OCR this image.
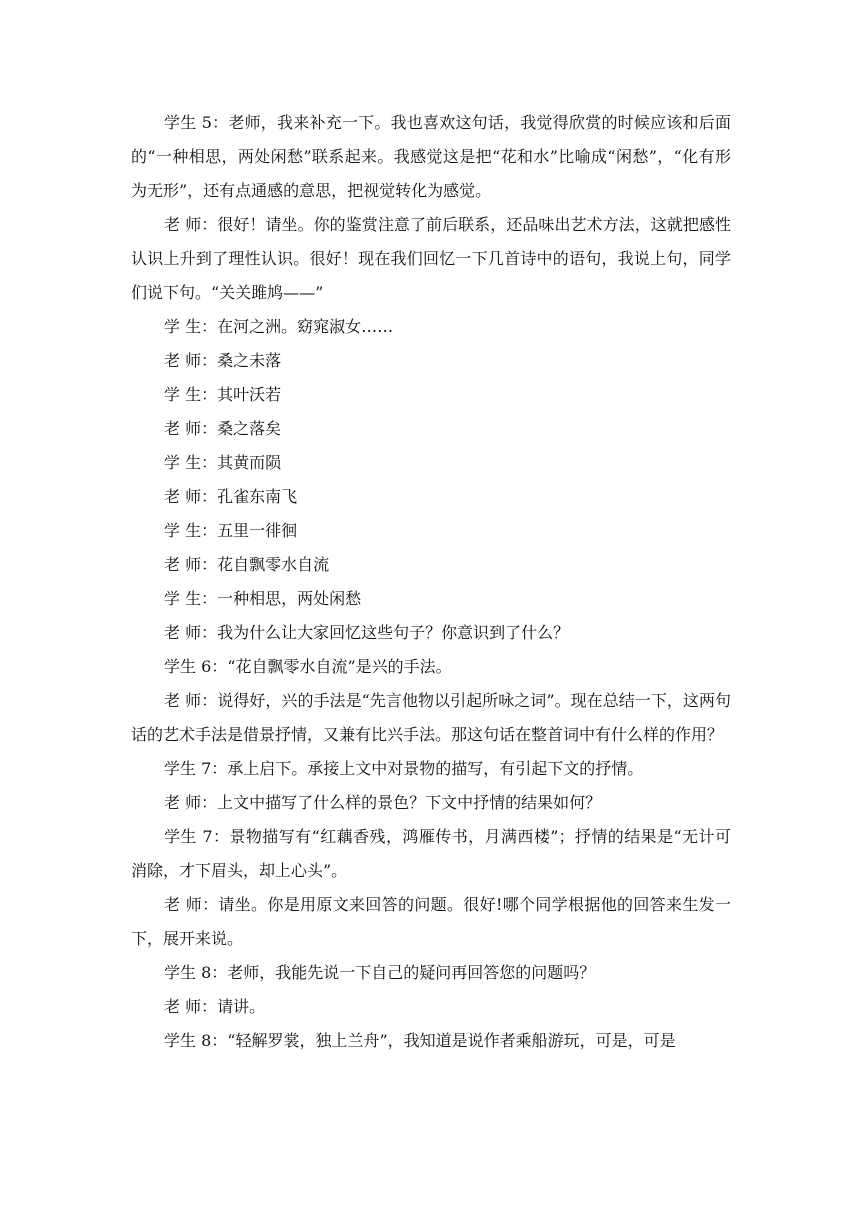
学生 5：老师，我来补充一下。我也喜欢这句话，我觉得欣赏的时候应该和后面的“一种相思，两处闲愁”联系起来。我感觉这是把“花和水”比喻成“闲愁”，“化有形为无形”，还有点通感的意思，把视觉转化为感觉。

老 师：很好！请坐。你的鉴赏注意了前后联系，还品味出艺术方法，这就把感性认识上升到了理性认识。很好！现在我们回忆一下几首诗中的语句，我说上句，同学们说下句。“关关雎鸠——”

学 生：在河之洲。窈窕淑女……

老 师：桑之未落

学 生：其叶沃若

老 师：桑之落矣

学 生：其黄而陨

老 师：孔雀东南飞

学 生：五里一徘徊

老 师：花自飘零水自流

学 生：一种相思，两处闲愁

老 师：我为什么让大家回忆这些句子？你意识到了什么？

学生 6：“花自飘零水自流”是兴的手法。

老 师：说得好，兴的手法是“先言他物以引起所咏之词”。现在总结一下，这两句话的艺术手法是借景抒情，又兼有比兴手法。那这句话在整首词中有什么样的作用？

学生 7：承上启下。承接上文中对景物的描写，有引起下文的抒情。

老 师：上文中描写了什么样的景色？下文中抒情的结果如何？

学生 7：景物描写有“红藕香残，鸿雁传书，月满西楼”；抒情的结果是“无计可消除，才下眉头，却上心头”。

老 师：请坐。你是用原文来回答的问题。很好!哪个同学根据他的回答来生发一下，展开来说。

学生 8：老师，我能先说一下自己的疑问再回答您的问题吗？

老 师：请讲。

学生 8：“轻解罗裳，独上兰舟”，我知道是说作者乘船游玩，可是，可是
